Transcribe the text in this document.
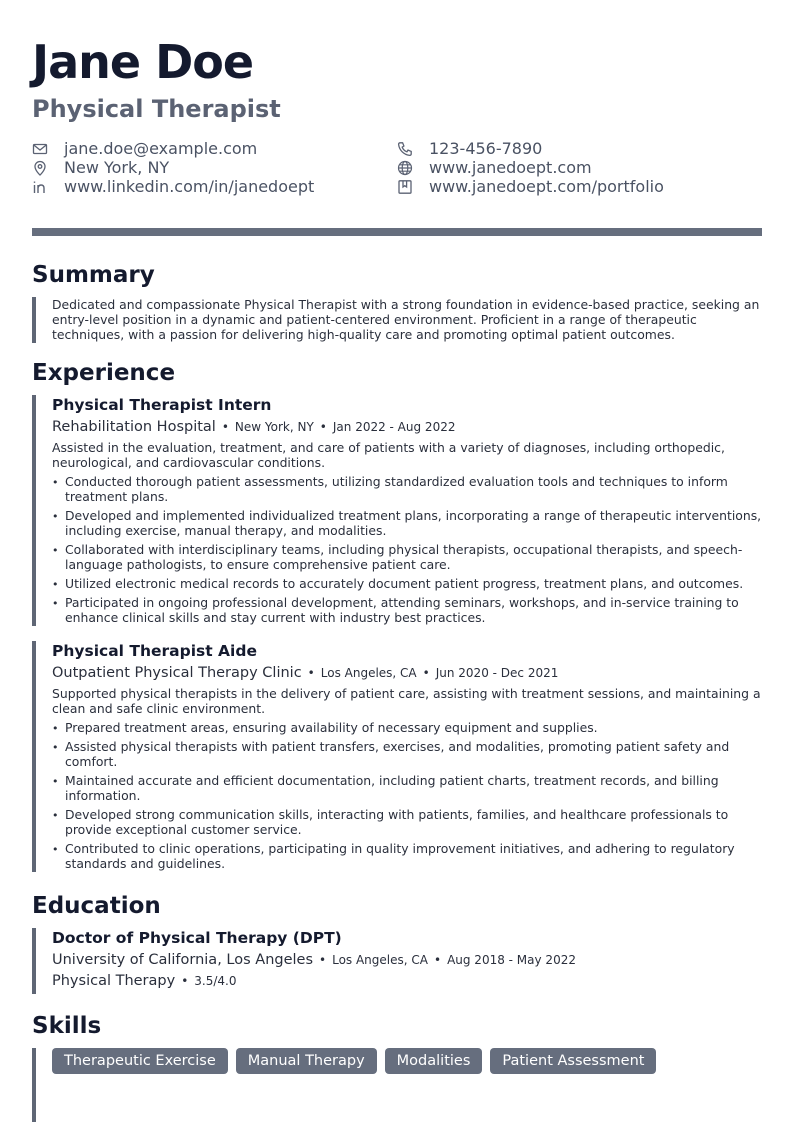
Jane Doe
Physical Therapist
jane.doe@example.com	123-456-7890
New York, NY	www.janedoept.com
www.linkedin.com/in/janedoept	www.janedoept.com/portfolio
Summary

Dedicated and compassionate Physical Therapist with a strong foundation in evidence-based practice, seeking an entry-level position in a dynamic and patient-centered environment. Proficient in a range of therapeutic techniques, with a passion for delivering high-quality care and promoting optimal patient outcomes.

Experience

Physical Therapist Intern

Rehabilitation Hospital • New York, NY • Jan 2022 - Aug 2022

Assisted in the evaluation, treatment, and care of patients with a variety of diagnoses, including orthopedic, neurological, and cardiovascular conditions.

• Conducted thorough patient assessments, utilizing standardized evaluation tools and techniques to inform treatment plans.
• Developed and implemented individualized treatment plans, incorporating a range of therapeutic interventions, including exercise, manual therapy, and modalities.
• Collaborated with interdisciplinary teams, including physical therapists, occupational therapists, and speech-language pathologists, to ensure comprehensive patient care.
• Utilized electronic medical records to accurately document patient progress, treatment plans, and outcomes.
• Participated in ongoing professional development, attending seminars, workshops, and in-service training to enhance clinical skills and stay current with industry best practices.

Physical Therapist Aide

Outpatient Physical Therapy Clinic • Los Angeles, CA • Jun 2020 - Dec 2021

Supported physical therapists in the delivery of patient care, assisting with treatment sessions, and maintaining a clean and safe clinic environment.

• Prepared treatment areas, ensuring availability of necessary equipment and supplies.
• Assisted physical therapists with patient transfers, exercises, and modalities, promoting patient safety and comfort.
• Maintained accurate and efficient documentation, including patient charts, treatment records, and billing information.
• Developed strong communication skills, interacting with patients, families, and healthcare professionals to provide exceptional customer service.
• Contributed to clinic operations, participating in quality improvement initiatives, and adhering to regulatory standards and guidelines.
Education

Doctor of Physical Therapy (DPT)

University of California, Los Angeles • Los Angeles, CA • Aug 2018 - May 2022

Physical Therapy • 3.5/4.0

Skills
Therapeutic Exercise	Manual Therapy	Modalities	Patient Assessment
